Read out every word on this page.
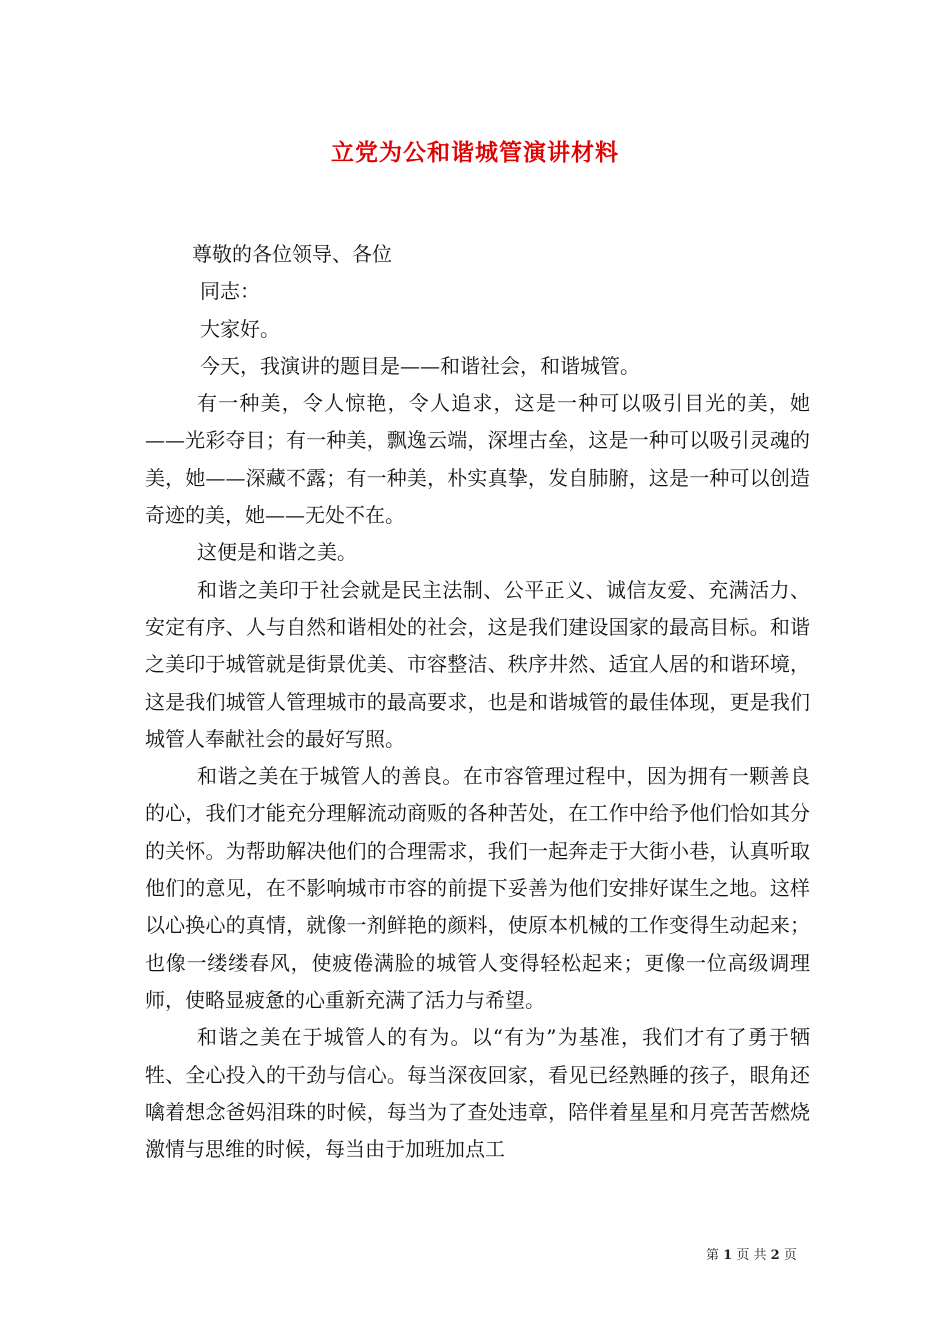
立党为公和谐城管演讲材料

尊敬的各位领导、各位

同志：

大家好。

今天，我演讲的题目是——和谐社会，和谐城管。

有一种美，令人惊艳，令人追求，这是一种可以吸引目光的美，她——光彩夺目；有一种美，飘逸云端，深埋古垒，这是一种可以吸引灵魂的美，她——深藏不露；有一种美，朴实真挚，发自肺腑，这是一种可以创造奇迹的美，她——无处不在。

这便是和谐之美。

和谐之美印于社会就是民主法制、公平正义、诚信友爱、充满活力、安定有序、人与自然和谐相处的社会，这是我们建设国家的最高目标。和谐之美印于城管就是街景优美、市容整洁、秩序井然、适宜人居的和谐环境，这是我们城管人管理城市的最高要求，也是和谐城管的最佳体现，更是我们城管人奉献社会的最好写照。

和谐之美在于城管人的善良。在市容管理过程中，因为拥有一颗善良的心，我们才能充分理解流动商贩的各种苦处，在工作中给予他们恰如其分的关怀。为帮助解决他们的合理需求，我们一起奔走于大街小巷，认真听取他们的意见，在不影响城市市容的前提下妥善为他们安排好谋生之地。这样以心换心的真情，就像一剂鲜艳的颜料，使原本机械的工作变得生动起来；也像一缕缕春风，使疲倦满脸的城管人变得轻松起来；更像一位高级调理师，使略显疲惫的心重新充满了活力与希望。

和谐之美在于城管人的有为。以“有为”为基准，我们才有了勇于牺牲、全心投入的干劲与信心。每当深夜回家，看见已经熟睡的孩子，眼角还噙着想念爸妈泪珠的时候，每当为了查处违章，陪伴着星星和月亮苦苦燃烧激情与思维的时候，每当由于加班加点工

第 1 页 共 2 页
